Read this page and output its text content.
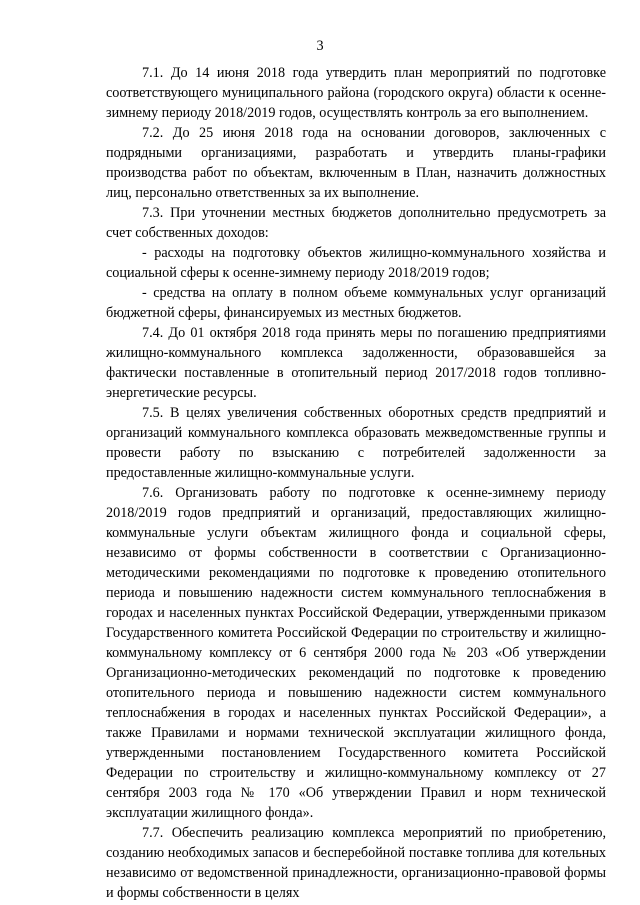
3

7.1. До 14 июня 2018 года утвердить план мероприятий по подготовке соответствующего муниципального района (городского округа) области к осенне-зимнему периоду 2018/2019 годов, осуществлять контроль за его выполнением.

7.2. До 25 июня 2018 года на основании договоров, заключенных с подрядными организациями, разработать и утвердить планы-графики производства работ по объектам, включенным в План, назначить должностных лиц, персонально ответственных за их выполнение.

7.3. При уточнении местных бюджетов дополнительно предусмотреть за счет собственных доходов:

- расходы на подготовку объектов жилищно-коммунального хозяйства и социальной сферы к осенне-зимнему периоду 2018/2019 годов;

- средства на оплату в полном объеме коммунальных услуг организаций бюджетной сферы, финансируемых из местных бюджетов.

7.4. До 01 октября 2018 года принять меры по погашению предприятиями жилищно-коммунального комплекса задолженности, образовавшейся за фактически поставленные в отопительный период 2017/2018 годов топливно-энергетические ресурсы.

7.5. В целях увеличения собственных оборотных средств предприятий и организаций коммунального комплекса образовать межведомственные группы и провести работу по взысканию с потребителей задолженности за предоставленные жилищно-коммунальные услуги.

7.6. Организовать работу по подготовке к осенне-зимнему периоду 2018/2019 годов предприятий и организаций, предоставляющих жилищно-коммунальные услуги объектам жилищного фонда и социальной сферы, независимо от формы собственности в соответствии с Организационно-методическими рекомендациями по подготовке к проведению отопительного периода и повышению надежности систем коммунального теплоснабжения в городах и населенных пунктах Российской Федерации, утвержденными приказом Государственного комитета Российской Федерации по строительству и жилищно-коммунальному комплексу от 6 сентября 2000 года № 203 «Об утверждении Организационно-методических рекомендаций по подготовке к проведению отопительного периода и повышению надежности систем коммунального теплоснабжения в городах и населенных пунктах Российской Федерации», а также Правилами и нормами технической эксплуатации жилищного фонда, утвержденными постановлением Государственного комитета Российской Федерации по строительству и жилищно-коммунальному комплексу от 27 сентября 2003 года № 170 «Об утверждении Правил и норм технической эксплуатации жилищного фонда».

7.7. Обеспечить реализацию комплекса мероприятий по приобретению, созданию необходимых запасов и бесперебойной поставке топлива для котельных независимо от ведомственной принадлежности, организационно-правовой формы и формы собственности в целях
